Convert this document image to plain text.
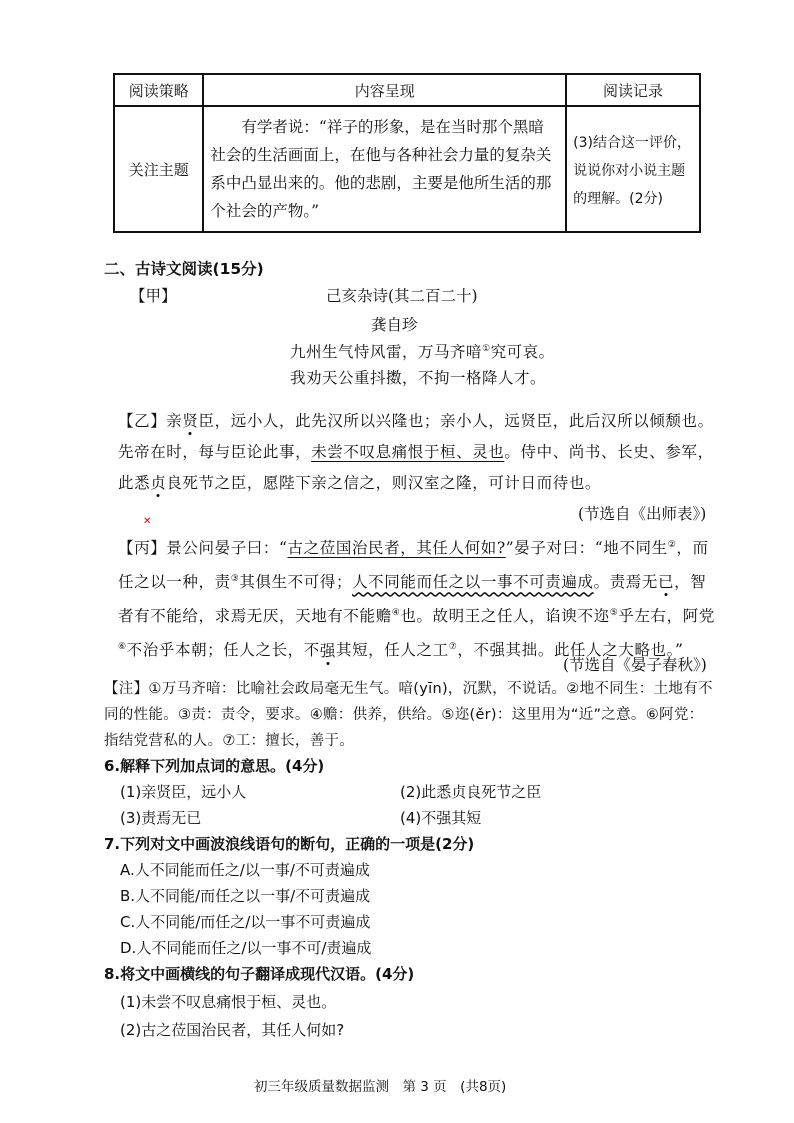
阅读策略	内容呈现	阅读记录
关注主题	有学者说：“祥子的形象，是在当时那个黑暗社会的生活画面上，在他与各种社会力量的复杂关系中凸显出来的。他的悲剧，主要是他所生活的那个社会的产物。”	(3)结合这一评价，说说你对小说主题的理解。(2分)
二、古诗文阅读(15分)
【甲】	己亥杂诗(其二百二十)
龚自珍
九州生气恃风雷，万马齐喑①究可哀。
我劝天公重抖擞，不拘一格降人才。
【乙】亲贤臣，远小人，此先汉所以兴隆也；亲小人，远贤臣，此后汉所以倾颓也。先帝在时，每与臣论此事，未尝不叹息痛恨于桓、灵也。侍中、尚书、长史、参军，此悉贞良死节之臣，愿陛下亲之信之，则汉室之隆，可计日而待也。
(节选自《出师表》)
✕
【丙】景公问晏子曰：“古之莅国治民者，其任人何如?”晏子对曰：“地不同生②，而任之以一种，责③其俱生不可得；人不同能而任之以一事不可责遍成。责焉无已，智者有不能给，求焉无厌，天地有不能赡④也。故明王之任人，谄谀不迩⑤乎左右，阿党⑥不治乎本朝；任人之长，不强其短，任人之工⑦，不强其拙。此任人之大略也。”
(节选自《晏子春秋》)
【注】①万马齐喑：比喻社会政局毫无生气。喑(yīn)，沉默，不说话。②地不同生：土地有不同的性能。③责：责令，要求。④赡：供养，供给。⑤迩(ěr)：这里用为“近”之意。⑥阿党：指结党营私的人。⑦工：擅长，善于。
6.解释下列加点词的意思。(4分)
(1)亲贤臣，远小人	(2)此悉贞良死节之臣
(3)责焉无已	(4)不强其短
7.下列对文中画波浪线语句的断句，正确的一项是(2分)
A.人不同能而任之/以一事/不可责遍成
B.人不同能/而任之以一事/不可责遍成
C.人不同能/而任之/以一事不可责遍成
D.人不同能而任之/以一事不可/责遍成
8.将文中画横线的句子翻译成现代汉语。(4分)
(1)未尝不叹息痛恨于桓、灵也。
(2)古之莅国治民者，其任人何如?
初三年级质量数据监测　第 3 页　(共8页)
